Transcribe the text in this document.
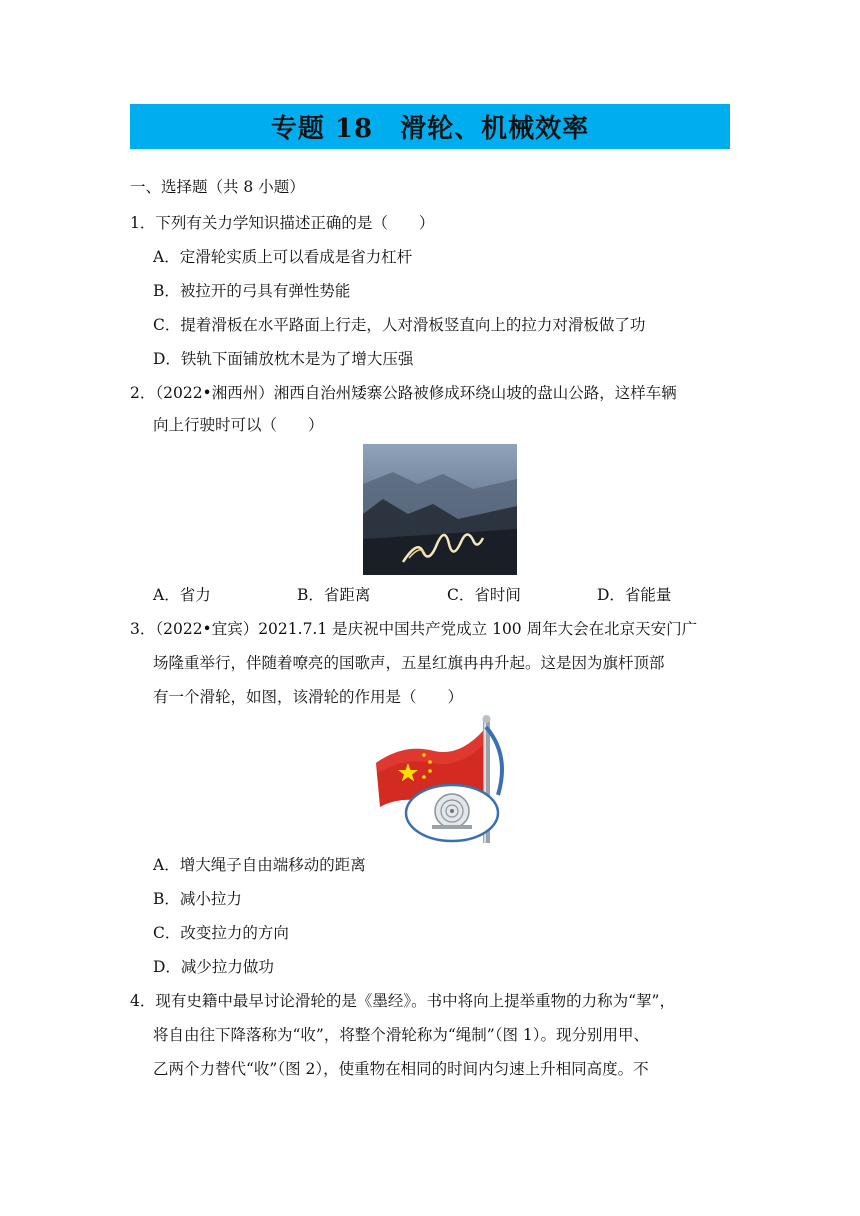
专题 18　滑轮、机械效率
一、选择题（共 8 小题）
1．下列有关力学知识描述正确的是（　　）
A．定滑轮实质上可以看成是省力杠杆
B．被拉开的弓具有弹性势能
C．提着滑板在水平路面上行走，人对滑板竖直向上的拉力对滑板做了功
D．铁轨下面铺放枕木是为了增大压强
2．（2022•湘西州）湘西自治州矮寨公路被修成环绕山坡的盘山公路，这样车辆
向上行驶时可以（　　）
A．省力	B．省距离	C．省时间	D．省能量
3．（2022•宜宾）2021.7.1 是庆祝中国共产党成立 100 周年大会在北京天安门广
场隆重举行，伴随着嘹亮的国歌声，五星红旗冉冉升起。这是因为旗杆顶部
有一个滑轮，如图，该滑轮的作用是（　　）
A．增大绳子自由端移动的距离
B．减小拉力
C．改变拉力的方向
D．减少拉力做功
4．现有史籍中最早讨论滑轮的是《墨经》。书中将向上提举重物的力称为“挈”，
将自由往下降落称为“收”，将整个滑轮称为“绳制”（图 1）。现分别用甲、
乙两个力替代“收”（图 2），使重物在相同的时间内匀速上升相同高度。不
